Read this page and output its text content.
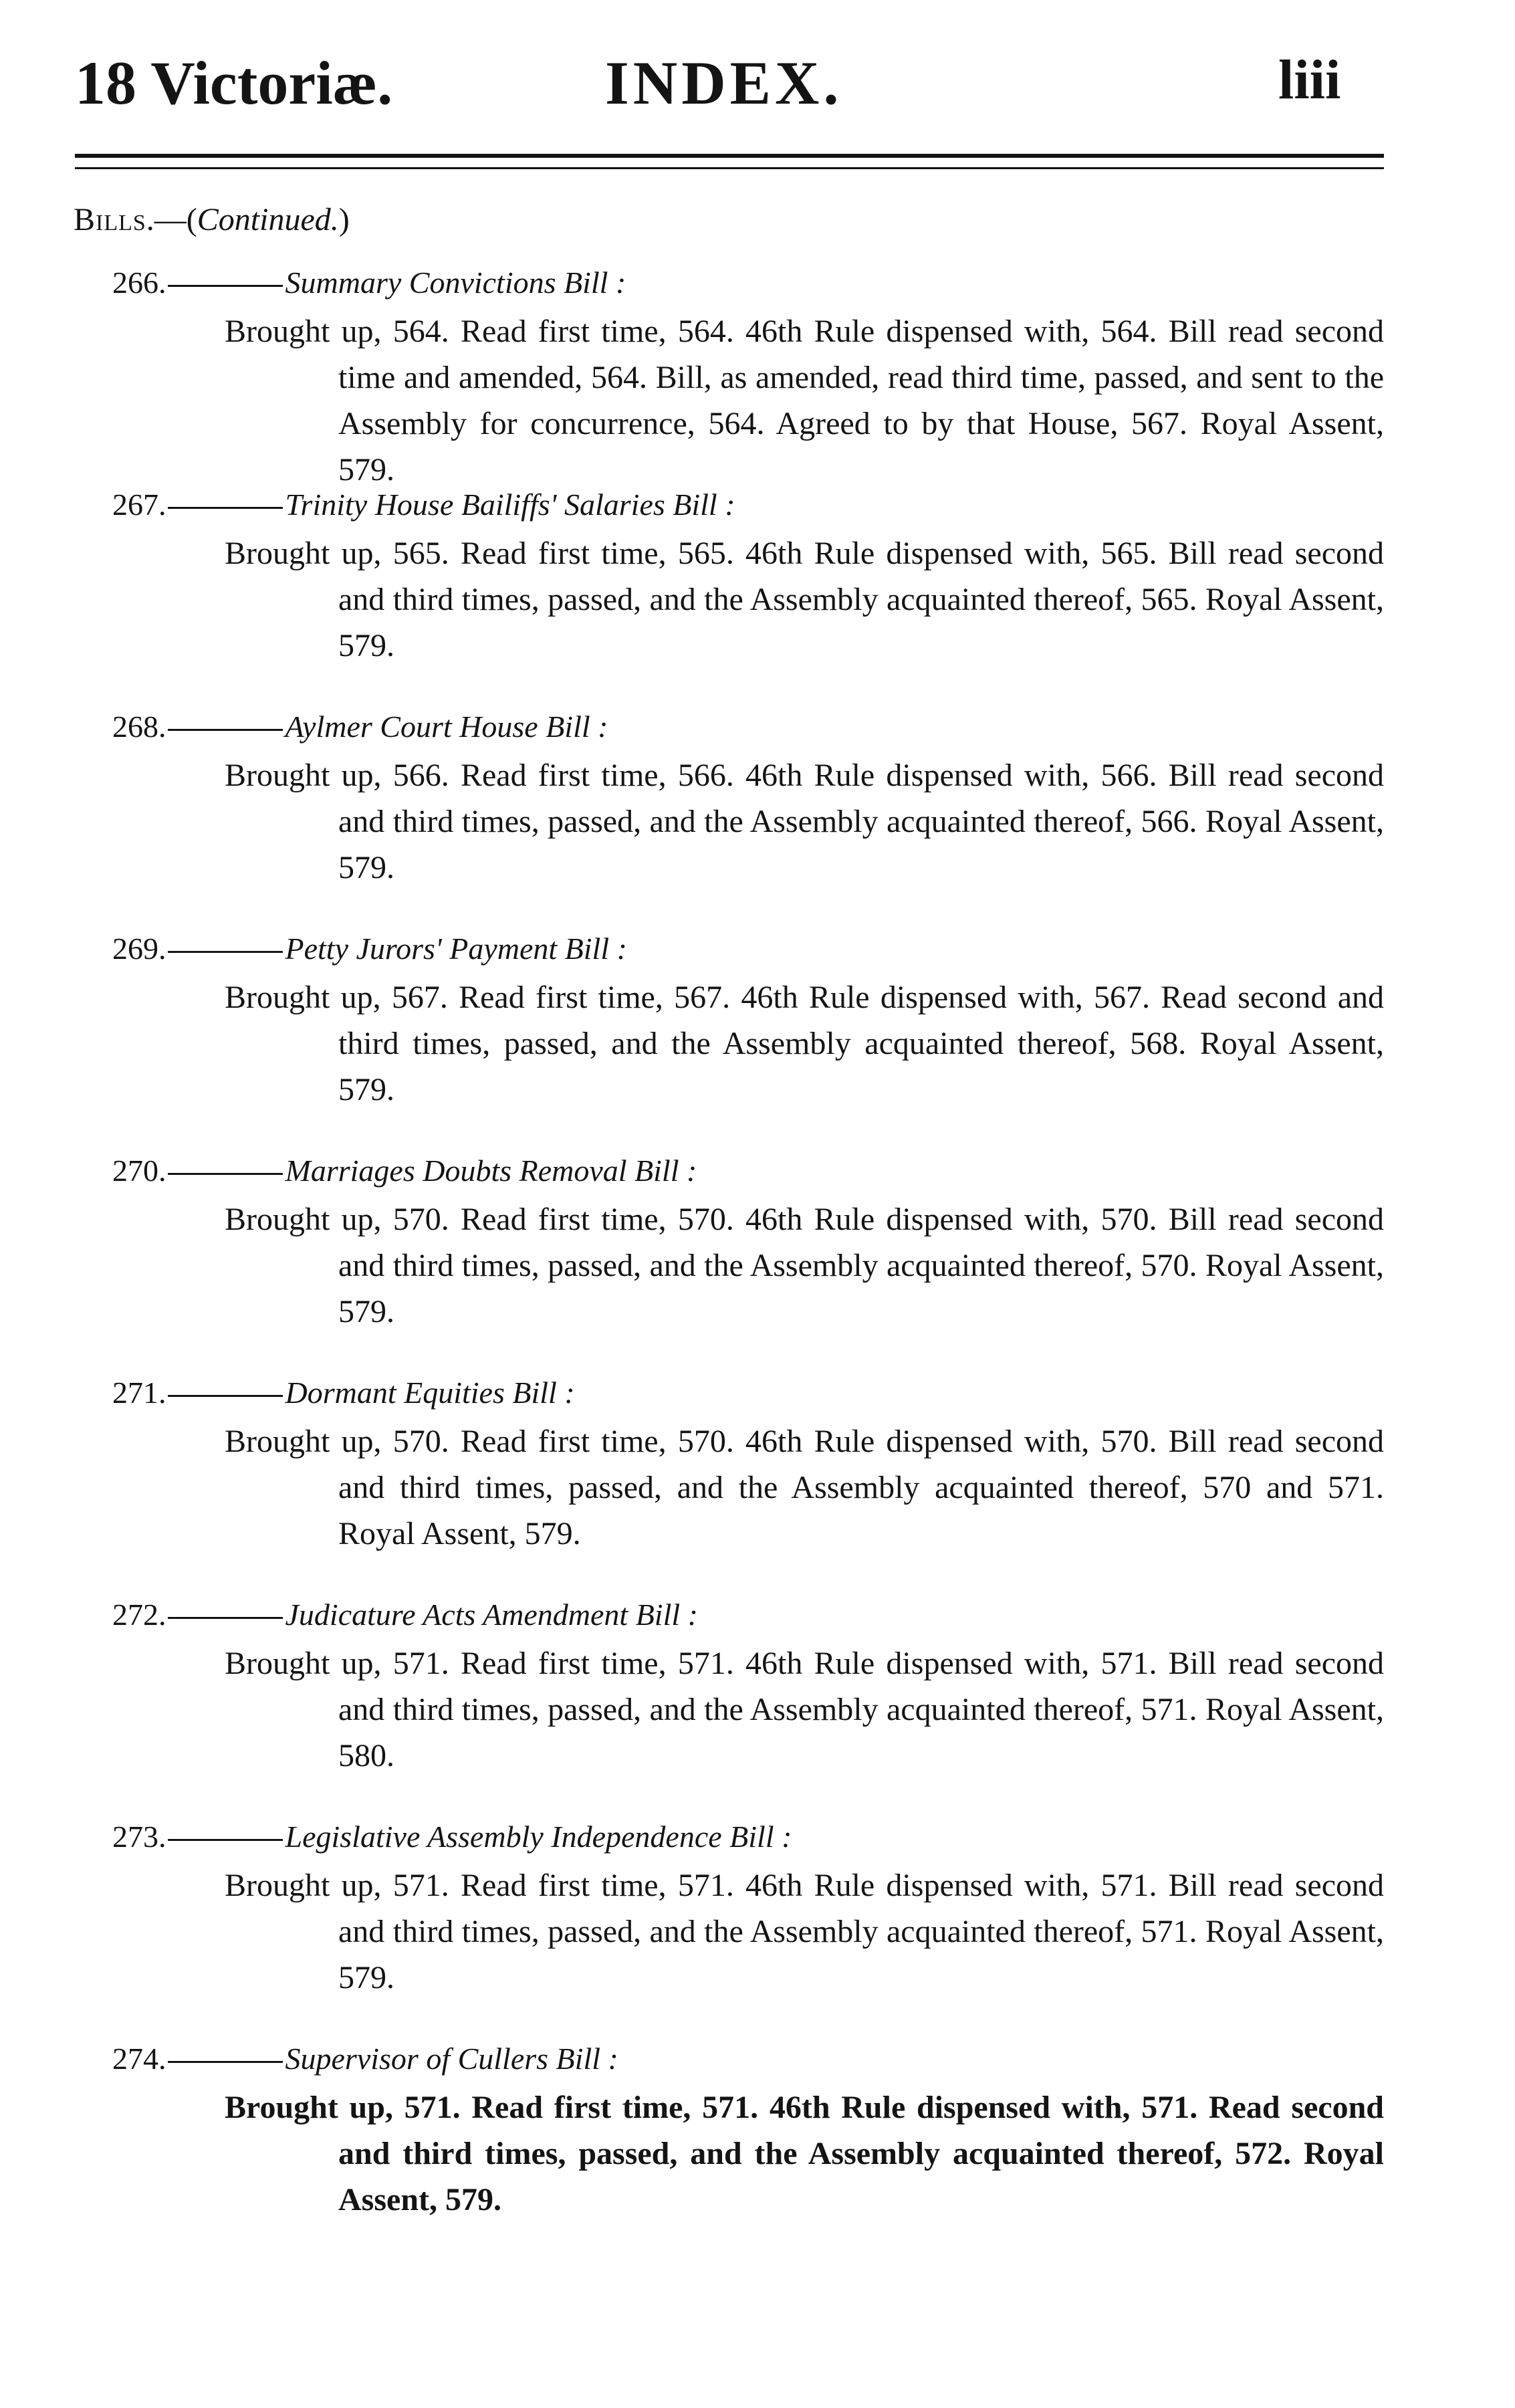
18 Victoriæ.	INDEX.	liii
Bills.—(Continued.)
266.	Summary Convictions Bill :
Brought up, 564. Read first time, 564. 46th Rule dispensed with, 564. Bill read second time and amended, 564. Bill, as amended, read third time, passed, and sent to the Assembly for concurrence, 564. Agreed to by that House, 567. Royal Assent, 579.
267.	Trinity House Bailiffs' Salaries Bill :
Brought up, 565. Read first time, 565. 46th Rule dispensed with, 565. Bill read second and third times, passed, and the Assembly acquainted thereof, 565. Royal Assent, 579.
268.	Aylmer Court House Bill :
Brought up, 566. Read first time, 566. 46th Rule dispensed with, 566. Bill read second and third times, passed, and the Assembly acquainted thereof, 566. Royal Assent, 579.
269.	Petty Jurors' Payment Bill :
Brought up, 567. Read first time, 567. 46th Rule dispensed with, 567. Read second and third times, passed, and the Assembly acquainted thereof, 568. Royal Assent, 579.
270.	Marriages Doubts Removal Bill :
Brought up, 570. Read first time, 570. 46th Rule dispensed with, 570. Bill read second and third times, passed, and the Assembly acquainted thereof, 570. Royal Assent, 579.
271.	Dormant Equities Bill :
Brought up, 570. Read first time, 570. 46th Rule dispensed with, 570. Bill read second and third times, passed, and the Assembly acquainted thereof, 570 and 571. Royal Assent, 579.
272.	Judicature Acts Amendment Bill :
Brought up, 571. Read first time, 571. 46th Rule dispensed with, 571. Bill read second and third times, passed, and the Assembly acquainted thereof, 571. Royal Assent, 580.
273.	Legislative Assembly Independence Bill :
Brought up, 571. Read first time, 571. 46th Rule dispensed with, 571. Bill read second and third times, passed, and the Assembly acquainted thereof, 571. Royal Assent, 579.
274.	Supervisor of Cullers Bill :
Brought up, 571. Read first time, 571. 46th Rule dispensed with, 571. Read second and third times, passed, and the Assembly acquainted thereof, 572. Royal Assent, 579.
